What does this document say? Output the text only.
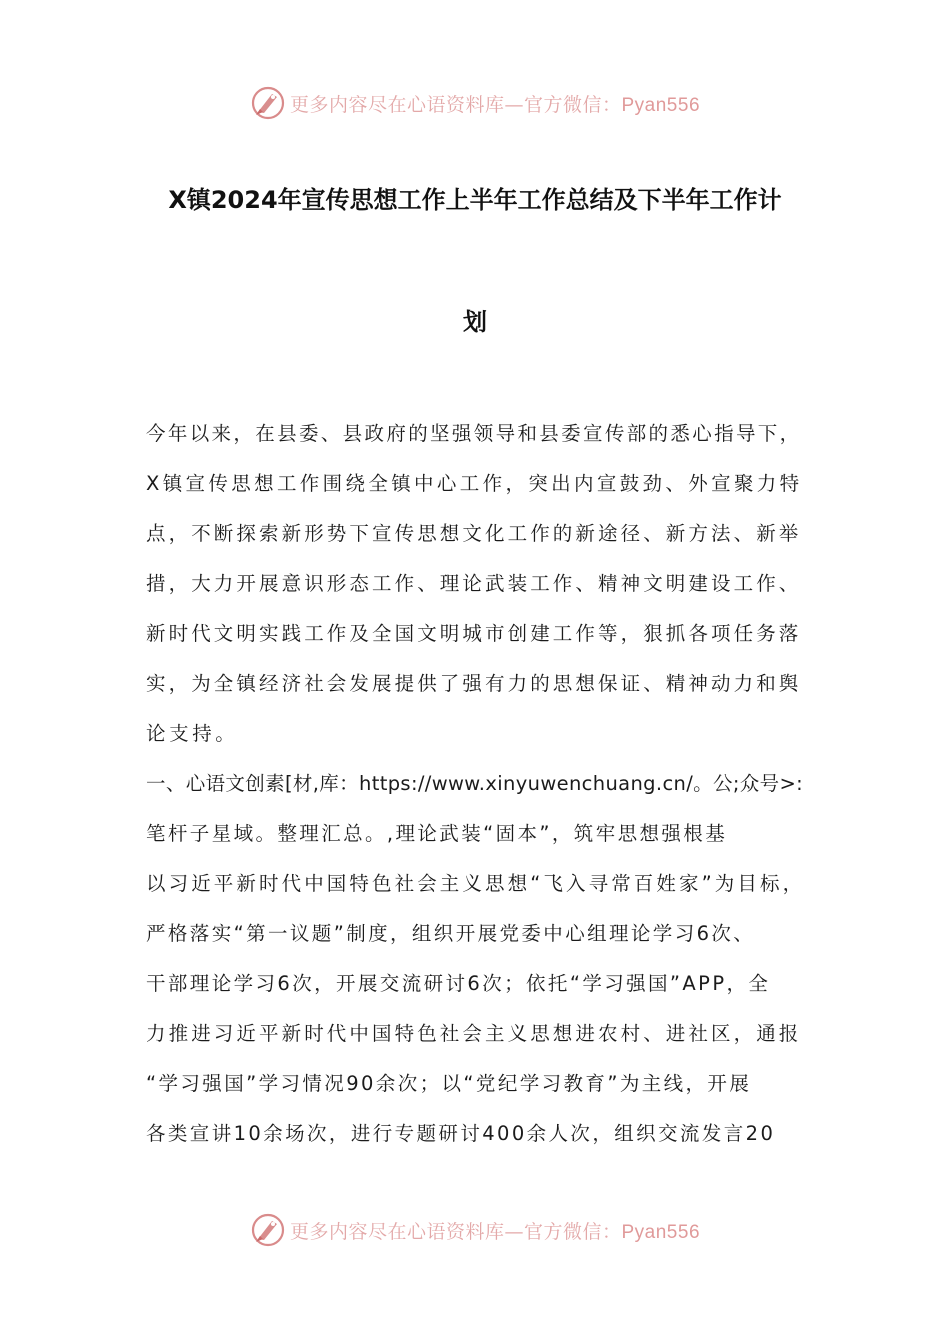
更多内容尽在心语资料库—官方微信：Pyan556
X镇2024年宣传思想工作上半年工作总结及下半年工作计
划
今年以来，在县委、县政府的坚强领导和县委宣传部的悉心指导下，
X镇宣传思想工作围绕全镇中心工作，突出内宣鼓劲、外宣聚力特
点，不断探索新形势下宣传思想文化工作的新途径、新方法、新举
措，大力开展意识形态工作、理论武装工作、精神文明建设工作、
新时代文明实践工作及全国文明城市创建工作等，狠抓各项任务落
实，为全镇经济社会发展提供了强有力的思想保证、精神动力和舆
论支持。
一、心语文创素[材,库：https://www.xinyuwenchuang.cn/。公;众号>:
笔杆子星域。整理汇总。,理论武装“固本”，筑牢思想强根基
以习近平新时代中国特色社会主义思想“飞入寻常百姓家”为目标，
严格落实“第一议题”制度，组织开展党委中心组理论学习6次、
干部理论学习6次，开展交流研讨6次；依托“学习强国”APP，全
力推进习近平新时代中国特色社会主义思想进农村、进社区，通报
“学习强国”学习情况90余次；以“党纪学习教育”为主线，开展
各类宣讲10余场次，进行专题研讨400余人次，组织交流发言20
更多内容尽在心语资料库—官方微信：Pyan556
